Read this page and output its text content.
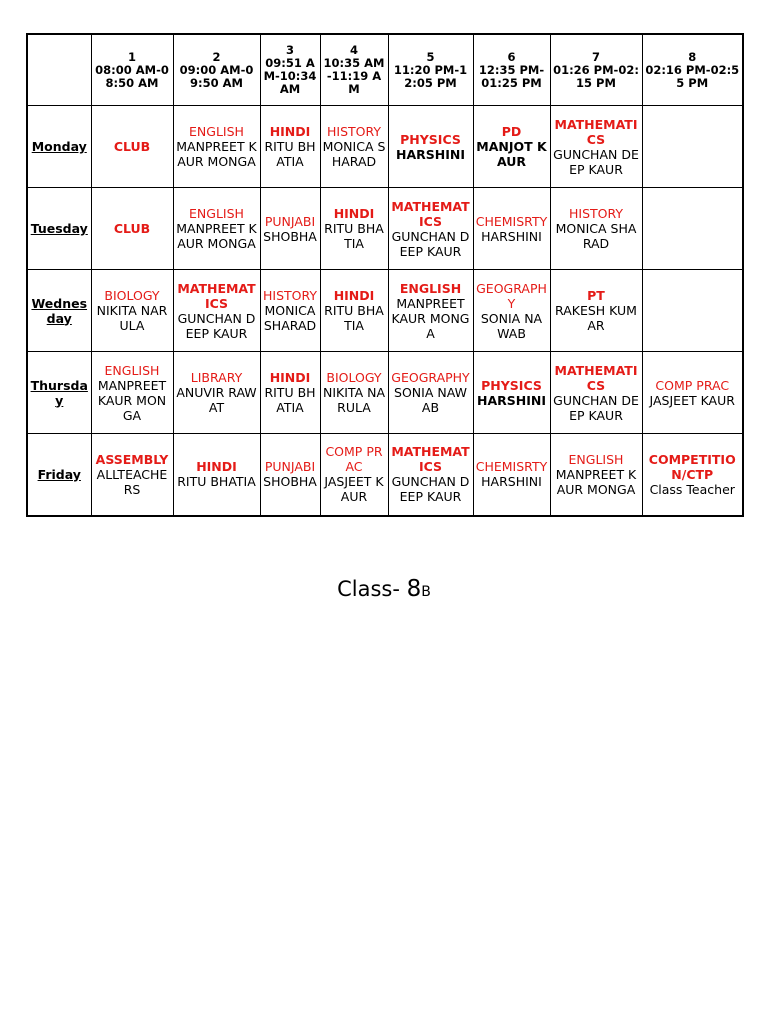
	1
08:00 AM-08:50 AM	2
09:00 AM-09:50 AM	3
09:51 AM-10:34 AM	4
10:35 AM-11:19 AM	5
11:20 PM-12:05 PM	6
12:35 PM-01:25 PM	7
01:26 PM-02:15 PM	8
02:16 PM-02:55 PM
Monday	CLUB	ENGLISH
MANPREET KAUR MONGA	HINDI
RITU BHATIA	HISTORY
MONICA SHARAD	PHYSICS
HARSHINI	PD
MANJOT KAUR	MATHEMATICS
GUNCHAN DEEP KAUR	

Tuesday	CLUB	ENGLISH
MANPREET KAUR MONGA	PUNJABI
SHOBHA	HINDI
RITU BHATIA	MATHEMATICS
GUNCHAN DEEP KAUR	CHEMISRTY
HARSHINI	HISTORY
MONICA SHARAD	

Wednesday	BIOLOGY
NIKITA NARULA	MATHEMATICS
GUNCHAN DEEP KAUR	HISTORY
MONICA SHARAD	HINDI
RITU BHATIA	ENGLISH
MANPREET KAUR MONGA	GEOGRAPHY
SONIA NAWAB	PT
RAKESH KUMAR	

Thursday	ENGLISH
MANPREET KAUR MONGA	LIBRARY
ANUVIR RAWAT	HINDI
RITU BHATIA	BIOLOGY
NIKITA NARULA	GEOGRAPHY
SONIA NAWAB	PHYSICS
HARSHINI	MATHEMATICS
GUNCHAN DEEP KAUR	COMP PRAC
JASJEET KAUR

Friday	ASSEMBLY
ALLTEACHERS	HINDI
RITU BHATIA	PUNJABI
SHOBHA	COMP PRAC
JASJEET KAUR	MATHEMATICS
GUNCHAN DEEP KAUR	CHEMISRTY
HARSHINI	ENGLISH
MANPREET KAUR MONGA	COMPETITION/CTP
Class Teacher
Class- 8B
